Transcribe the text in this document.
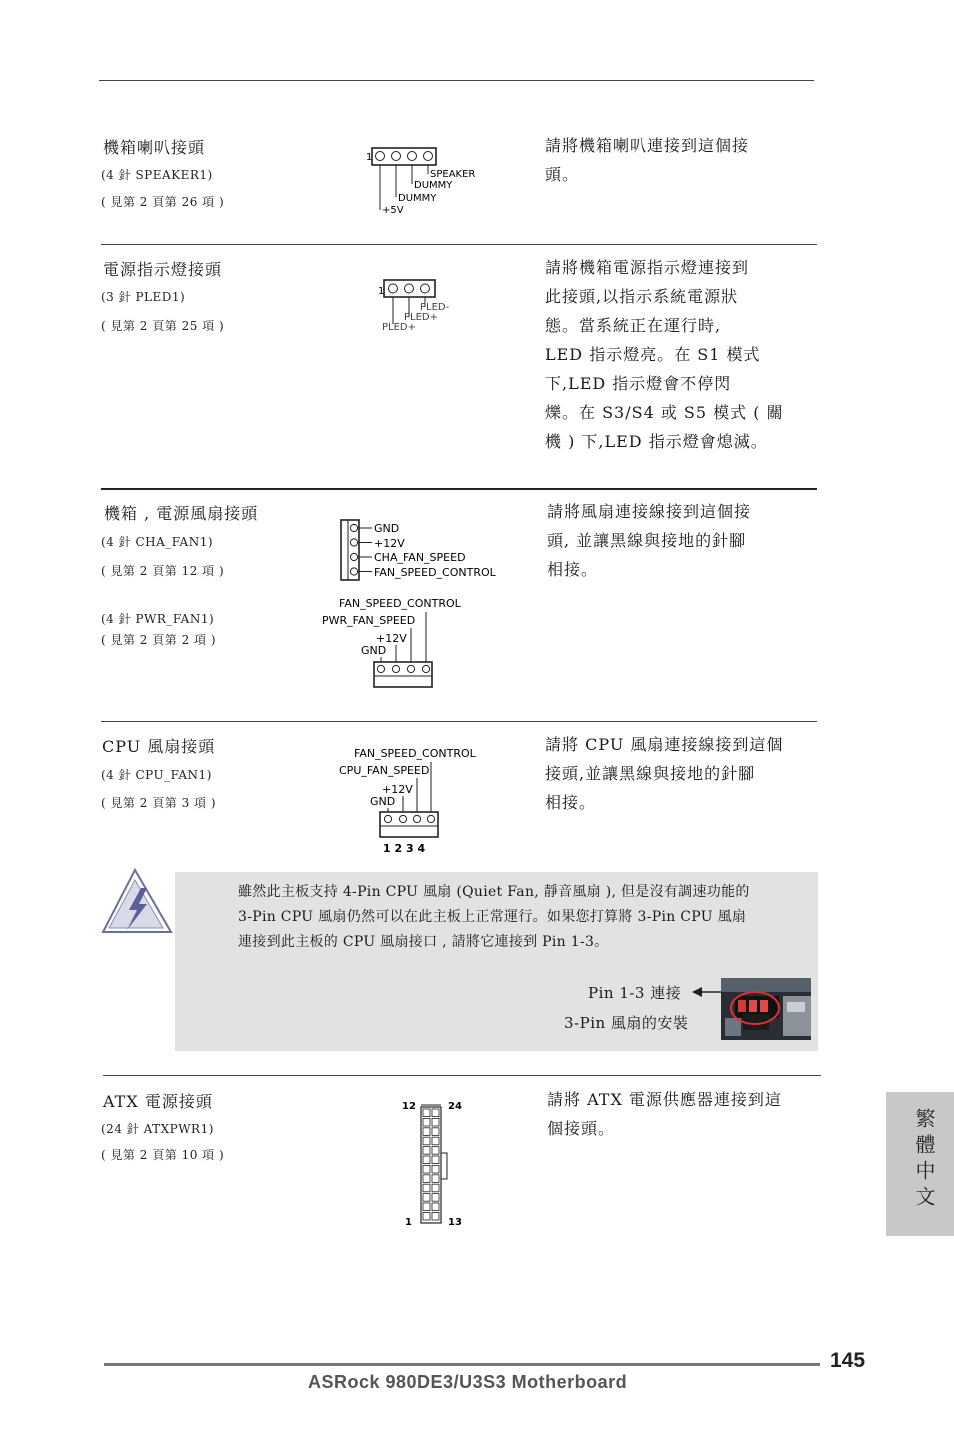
機箱喇叭接頭
(4 針 SPEAKER1)
( 見第 2 頁第 26 項 )
1
SPEAKER
DUMMY
DUMMY
+5V
請將機箱喇叭連接到這個接
頭。
電源指示燈接頭
(3 針 PLED1)
( 見第 2 頁第 25 項 )
1
PLED-
PLED+
PLED+
請將機箱電源指示燈連接到
此接頭,以指示系統電源狀
態。當系統正在運行時,
LED 指示燈亮。在 S1 模式
下,LED 指示燈會不停閃
爍。在 S3/S4 或 S5 模式 ( 關
機 ) 下,LED 指示燈會熄滅。
機箱 , 電源風扇接頭
(4 針 CHA_FAN1)
( 見第 2 頁第 12 項 )
(4 針 PWR_FAN1)
( 見第 2 頁第 2 項 )
GND
+12V
CHA_FAN_SPEED
FAN_SPEED_CONTROL
FAN_SPEED_CONTROL
PWR_FAN_SPEED
+12V
GND
請將風扇連接線接到這個接
頭, 並讓黑線與接地的針腳
相接。
CPU 風扇接頭
(4 針 CPU_FAN1)
( 見第 2 頁第 3 項 )
FAN_SPEED_CONTROL
CPU_FAN_SPEED
+12V
GND
1 2 3 4
請將 CPU 風扇連接線接到這個
接頭,並讓黑線與接地的針腳
相接。
雖然此主板支持 4-Pin CPU 風扇 (Quiet Fan, 靜音風扇 ), 但是沒有調速功能的
3-Pin CPU 風扇仍然可以在此主板上正常運行。如果您打算將 3-Pin CPU 風扇
連接到此主板的 CPU 風扇接口 , 請將它連接到 Pin 1-3。
Pin 1-3 連接
3-Pin 風扇的安裝
ATX 電源接頭
(24 針 ATXPWR1)
( 見第 2 頁第 10 項 )
12	24
1	13
請將 ATX 電源供應器連接到這
個接頭。	繁體中文
145
ASRock 980DE3/U3S3 Motherboard
